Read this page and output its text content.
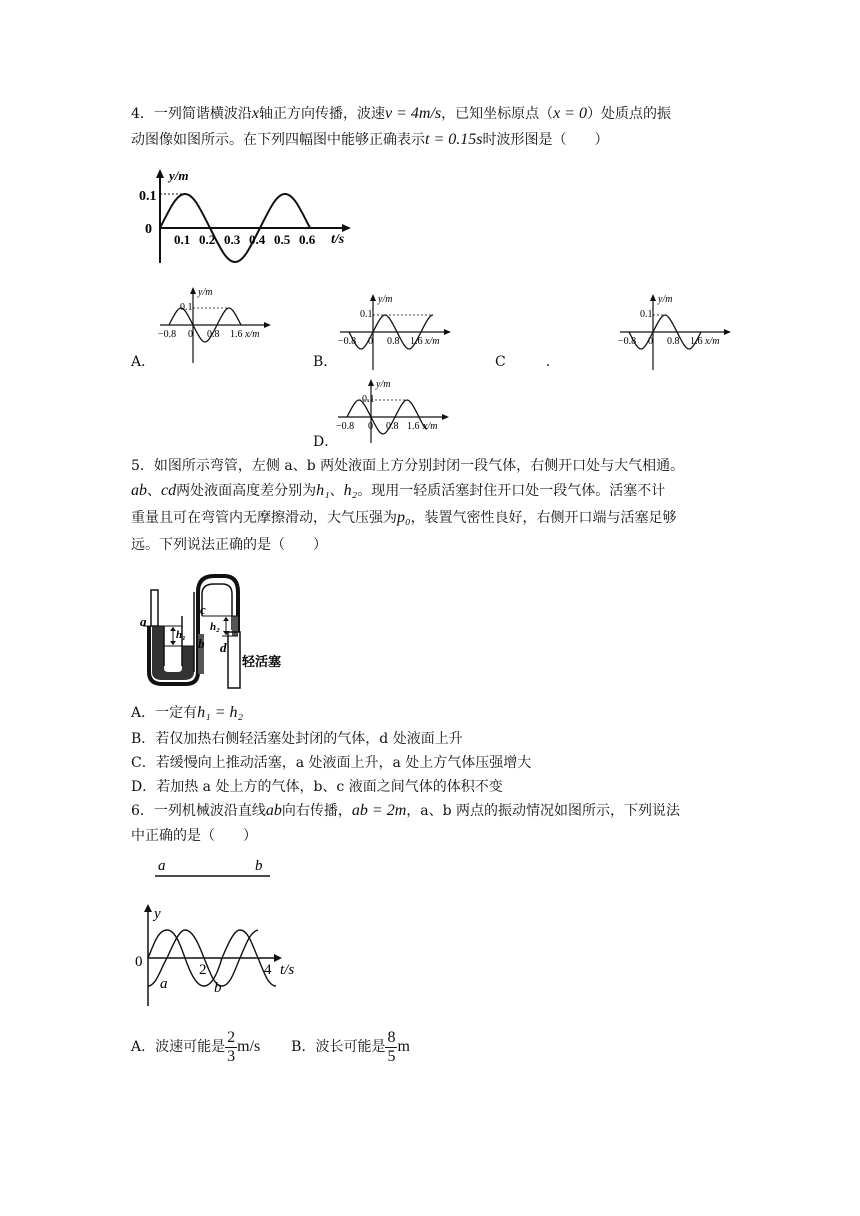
4．一列简谐横波沿x轴正方向传播，波速v = 4m/s，已知坐标原点（x = 0）处质点的振
动图像如图所示。在下列四幅图中能够正确表示t = 0.15s时波形图是（　　）
y/m
0.1
0
0.1 0.2 0.3 0.4 0.5 0.6 t/s
A．
y/m
0.1
−0.8 0 0.8 1.6 x/m
B．
y/m
0.1
−0.8 0 0.8 1.6 x/m
C	.
y/m
0.1
−0.8 0 0.8 1.6 x/m
D．
y/m
0.1
−0.8 0 0.8 1.6 x/m
5．如图所示弯管，左侧 a、b 两处液面上方分别封闭一段气体，右侧开口处与大气相通。
ab、cd两处液面高度差分别为h₁、h₂。现用一轻质活塞封住开口处一段气体。活塞不计
重量且可在弯管内无摩擦滑动，大气压强为p₀，装置气密性良好，右侧开口端与活塞足够
远。下列说法正确的是（　　）
a
b
c
d
h₁
h₂
轻活塞
A．一定有h₁ = h₂
B．若仅加热右侧轻活塞处封闭的气体，d 处液面上升
C．若缓慢向上推动活塞，a 处液面上升，a 处上方气体压强增大
D．若加热 a 处上方的气体，b、c 液面之间气体的体积不变
6．一列机械波沿直线ab向右传播，ab = 2m，a、b 两点的振动情况如图所示，下列说法
中正确的是（　　）
a	b
y
0	2	4 t/s
a	b
A．波速可能是 $\frac{2}{3} m/s$ B．波长可能是 $\frac{8}{5}$ m
